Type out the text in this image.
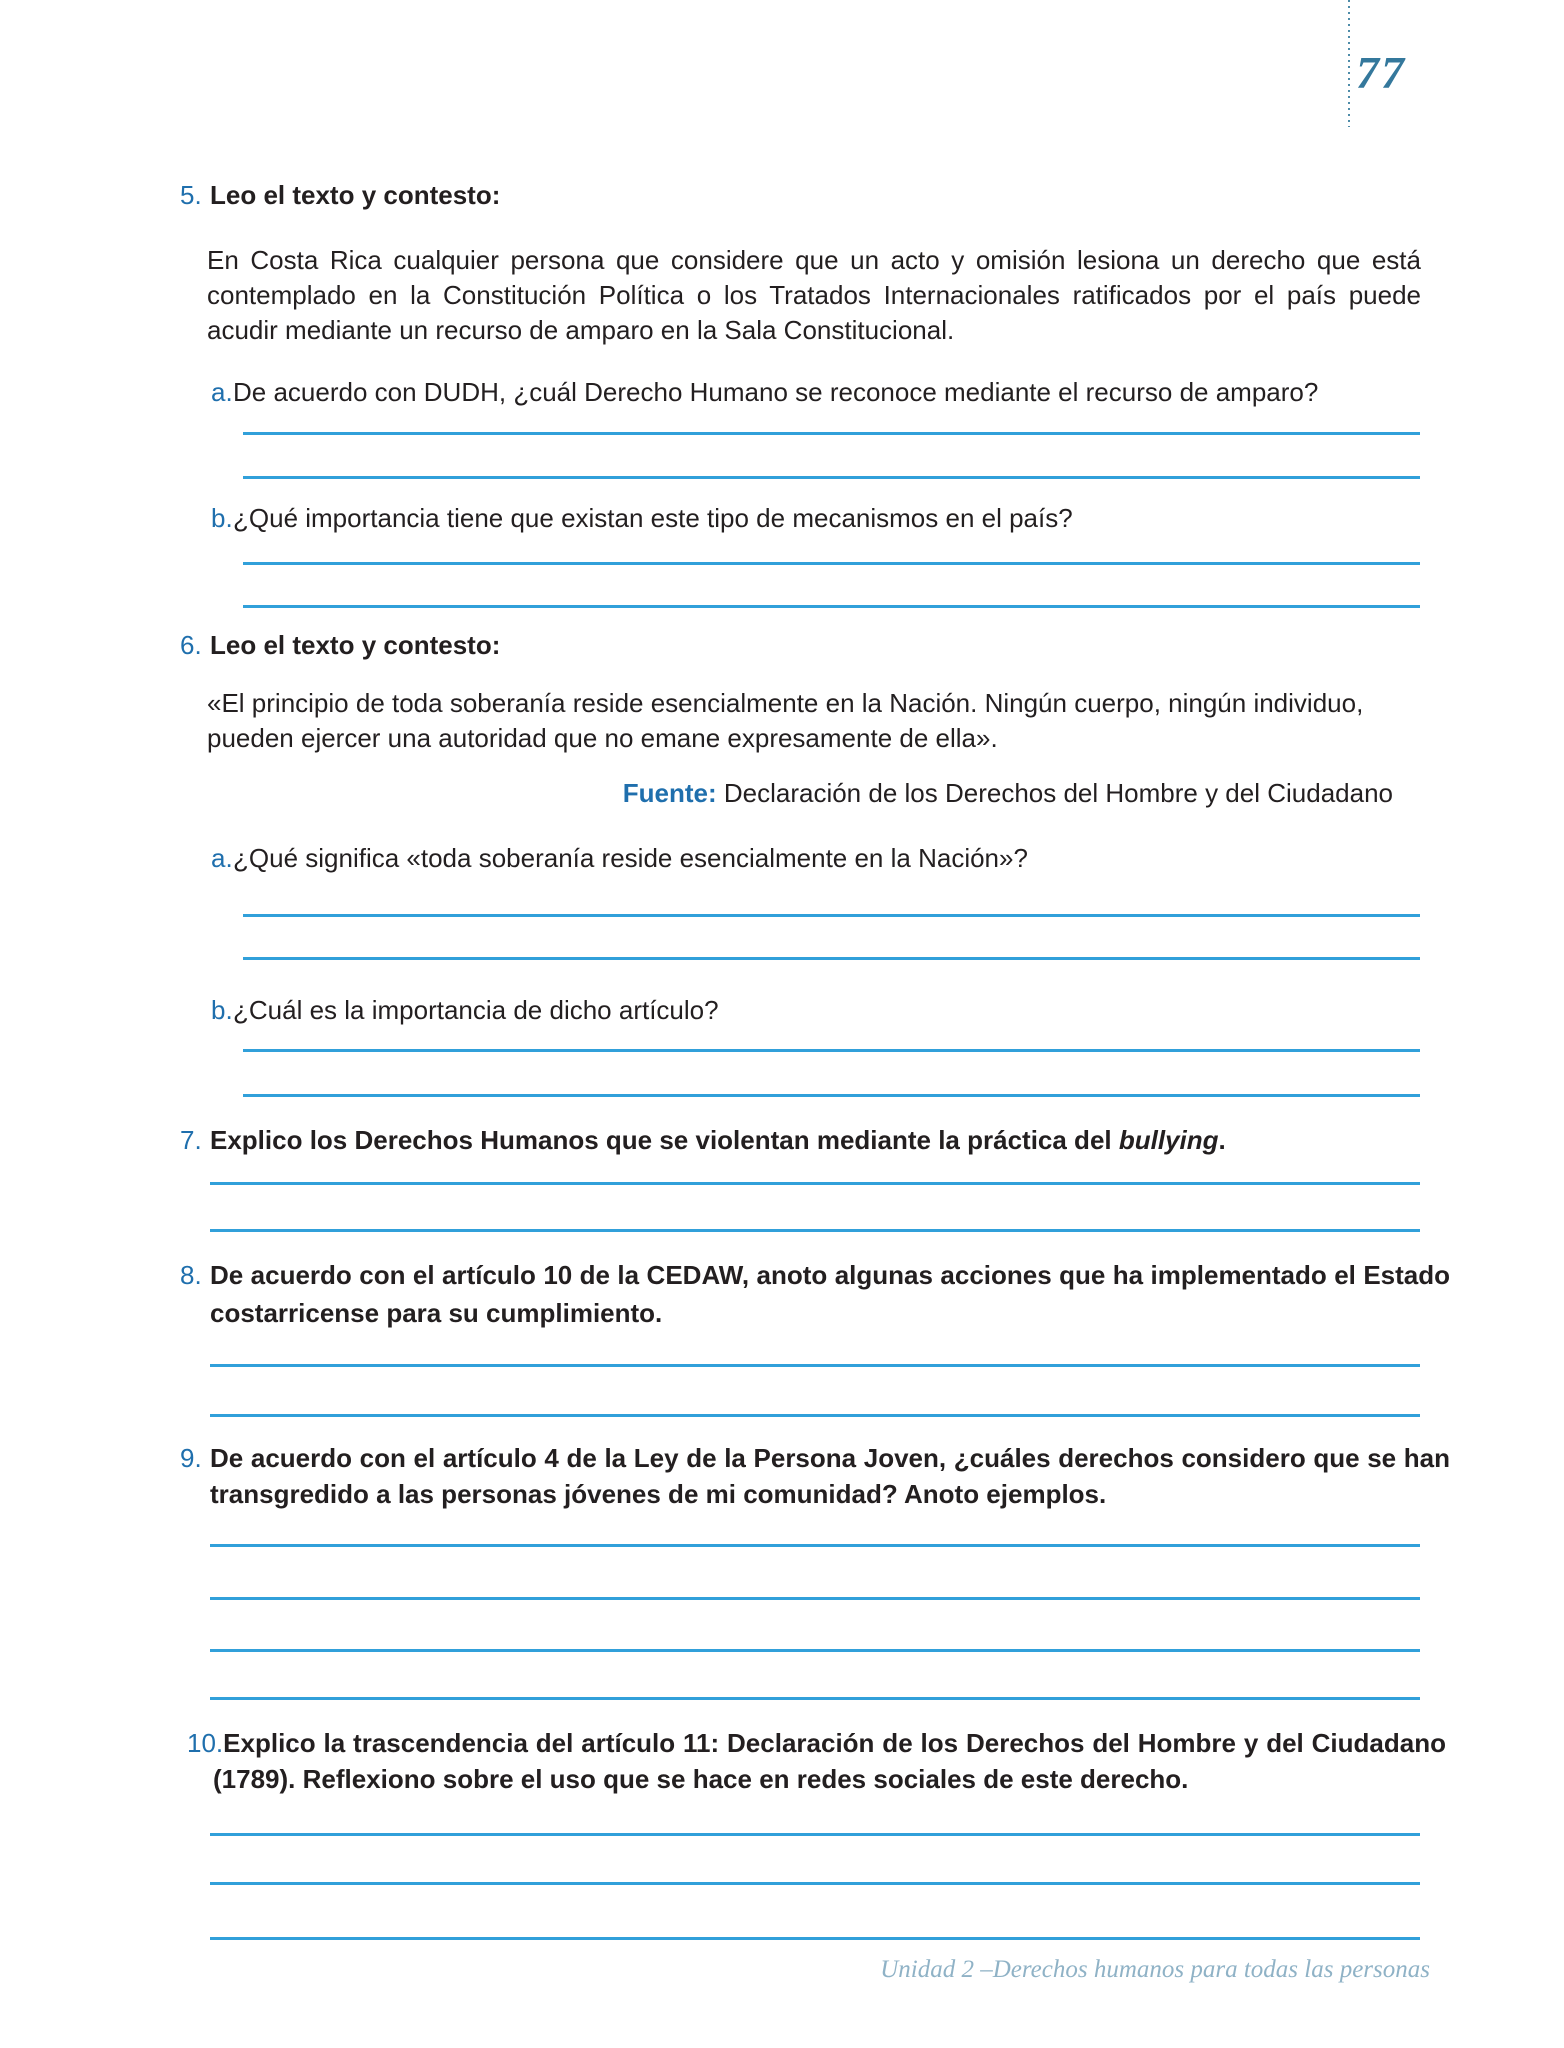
77
5. Leo el texto y contesto:
En Costa Rica cualquier persona que considere que un acto y omisión lesiona un derecho que está contemplado en la Constitución Política o los Tratados Internacionales ratificados por el país puede acudir mediante un recurso de amparo en la Sala Constitucional.
a.De acuerdo con DUDH, ¿cuál Derecho Humano se reconoce mediante el recurso de amparo?
b.¿Qué importancia tiene que existan este tipo de mecanismos en el país?
6. Leo el texto y contesto:
«El principio de toda soberanía reside esencialmente en la Nación. Ningún cuerpo, ningún individuo, pueden ejercer una autoridad que no emane expresamente de ella».
Fuente: Declaración de los Derechos del Hombre y del Ciudadano
a.¿Qué significa «toda soberanía reside esencialmente en la Nación»?
b.¿Cuál es la importancia de dicho artículo?
7. Explico los Derechos Humanos que se violentan mediante la práctica del bullying.
8. De acuerdo con el artículo 10 de la CEDAW, anoto algunas acciones que ha implementado el Estado costarricense para su cumplimiento.
9. De acuerdo con el artículo 4 de la Ley de la Persona Joven, ¿cuáles derechos considero que se han transgredido a las personas jóvenes de mi comunidad? Anoto ejemplos.
10.Explico la trascendencia del artículo 11: Declaración de los Derechos del Hombre y del Ciudadano (1789). Reflexiono sobre el uso que se hace en redes sociales de este derecho.
Unidad 2 –Derechos humanos para todas las personas
